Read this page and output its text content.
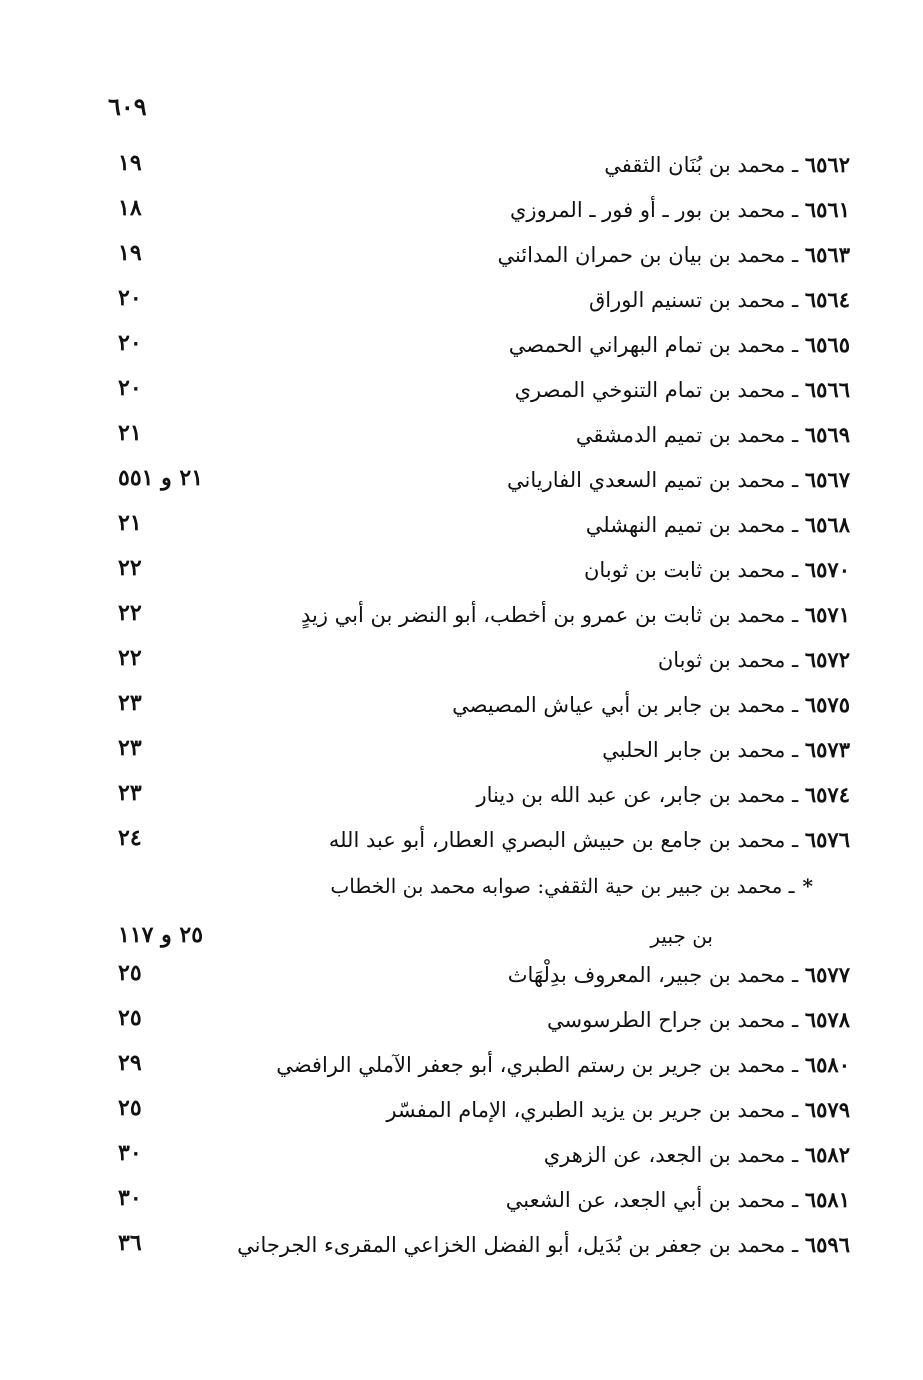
٦٠٩
٦٥٦٢ ـ محمد بن بُنَان الثقفي
١٩
٦٥٦١ ـ محمد بن بور ـ أو فور ـ المروزي
١٨
٦٥٦٣ ـ محمد بن بيان بن حمران المدائني
١٩
٦٥٦٤ ـ محمد بن تسنيم الوراق
٢٠
٦٥٦٥ ـ محمد بن تمام البهراني الحمصي
٢٠
٦٥٦٦ ـ محمد بن تمام التنوخي المصري
٢٠
٦٥٦٩ ـ محمد بن تميم الدمشقي
٢١
٦٥٦٧ ـ محمد بن تميم السعدي الفارياني
٢١ و ٥٥١
٦٥٦٨ ـ محمد بن تميم النهشلي
٢١
٦٥٧٠ ـ محمد بن ثابت بن ثوبان
٢٢
٦٥٧١ ـ محمد بن ثابت بن عمرو بن أخطب، أبو النضر بن أبي زيدٍ
٢٢
٦٥٧٢ ـ محمد بن ثوبان
٢٢
٦٥٧٥ ـ محمد بن جابر بن أبي عياش المصيصي
٢٣
٦٥٧٣ ـ محمد بن جابر الحلبي
٢٣
٦٥٧٤ ـ محمد بن جابر، عن عبد الله بن دينار
٢٣
٦٥٧٦ ـ محمد بن جامع بن حبيش البصري العطار، أبو عبد الله
٢٤
*ـ محمد بن جبير بن حية الثقفي: صوابه محمد بن الخطاب
بن جبير
٢٥ و ١١٧
٦٥٧٧ ـ محمد بن جبير، المعروف بدِلْهَاث
٢٥
٦٥٧٨ ـ محمد بن جراح الطرسوسي
٢٥
٦٥٨٠ ـ محمد بن جرير بن رستم الطبري، أبو جعفر الآملي الرافضي
٢٩
٦٥٧٩ ـ محمد بن جرير بن يزيد الطبري، الإمام المفسّر
٢٥
٦٥٨٢ ـ محمد بن الجعد، عن الزهري
٣٠
٦٥٨١ ـ محمد بن أبي الجعد، عن الشعبي
٣٠
٦٥٩٦ ـ محمد بن جعفر بن بُدَيل، أبو الفضل الخزاعي المقرىء الجرجاني
٣٦
